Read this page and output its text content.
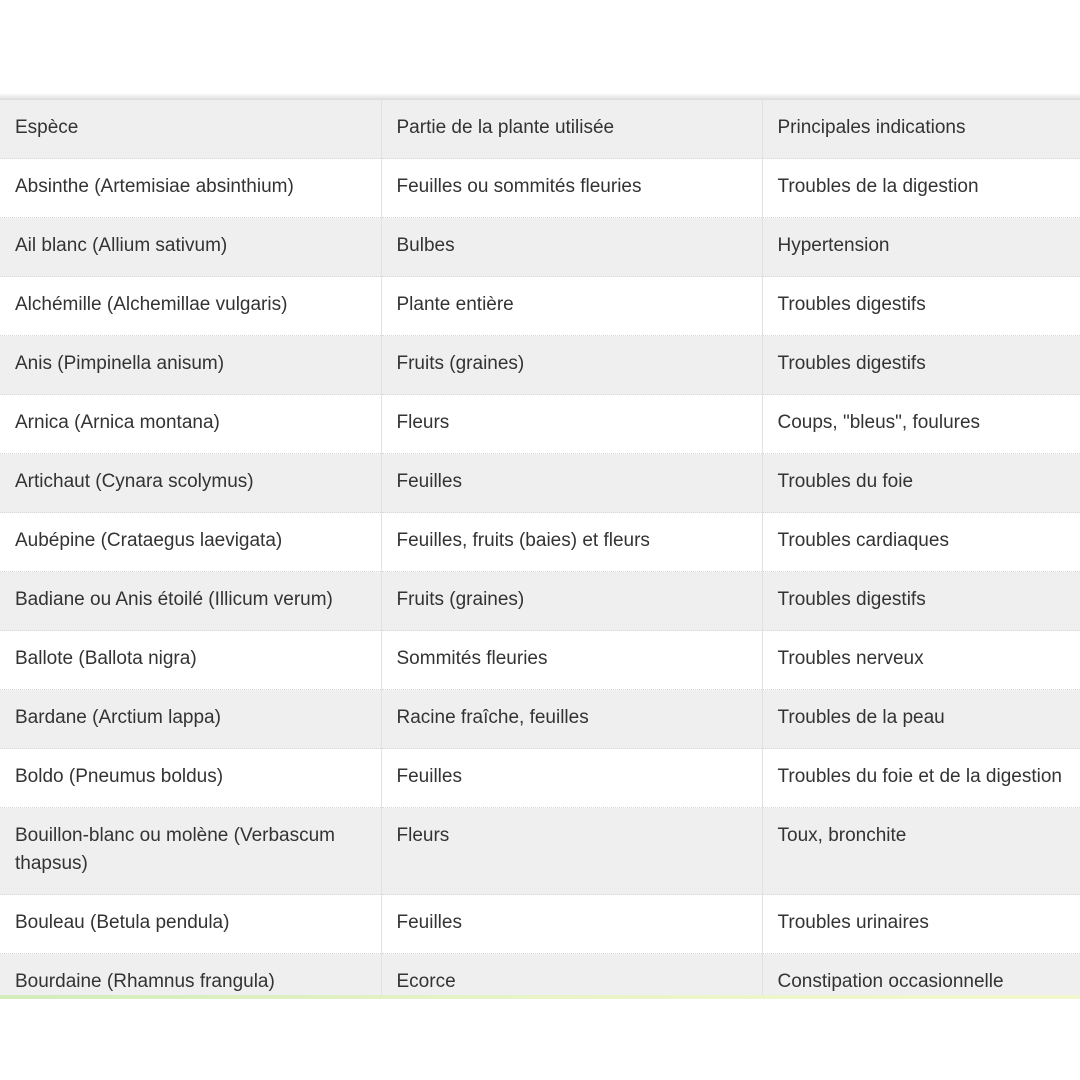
Espèce	Partie de la plante utilisée	Principales indications
Absinthe (Artemisiae absinthium)	Feuilles ou sommités fleuries	Troubles de la digestion
Ail blanc (Allium sativum)	Bulbes	Hypertension
Alchémille (Alchemillae vulgaris)	Plante entière	Troubles digestifs
Anis (Pimpinella anisum)	Fruits (graines)	Troubles digestifs
Arnica (Arnica montana)	Fleurs	Coups, "bleus", foulures
Artichaut (Cynara scolymus)	Feuilles	Troubles du foie
Aubépine (Crataegus laevigata)	Feuilles, fruits (baies) et fleurs	Troubles cardiaques
Badiane ou Anis étoilé (Illicum verum)	Fruits (graines)	Troubles digestifs
Ballote (Ballota nigra)	Sommités fleuries	Troubles nerveux
Bardane (Arctium lappa)	Racine fraîche, feuilles	Troubles de la peau
Boldo (Pneumus boldus)	Feuilles	Troubles du foie et de la digestion
Bouillon-blanc ou molène (Verbascum thapsus)	Fleurs	Toux, bronchite
Bouleau (Betula pendula)	Feuilles	Troubles urinaires
Bourdaine (Rhamnus frangula)	Ecorce	Constipation occasionnelle
